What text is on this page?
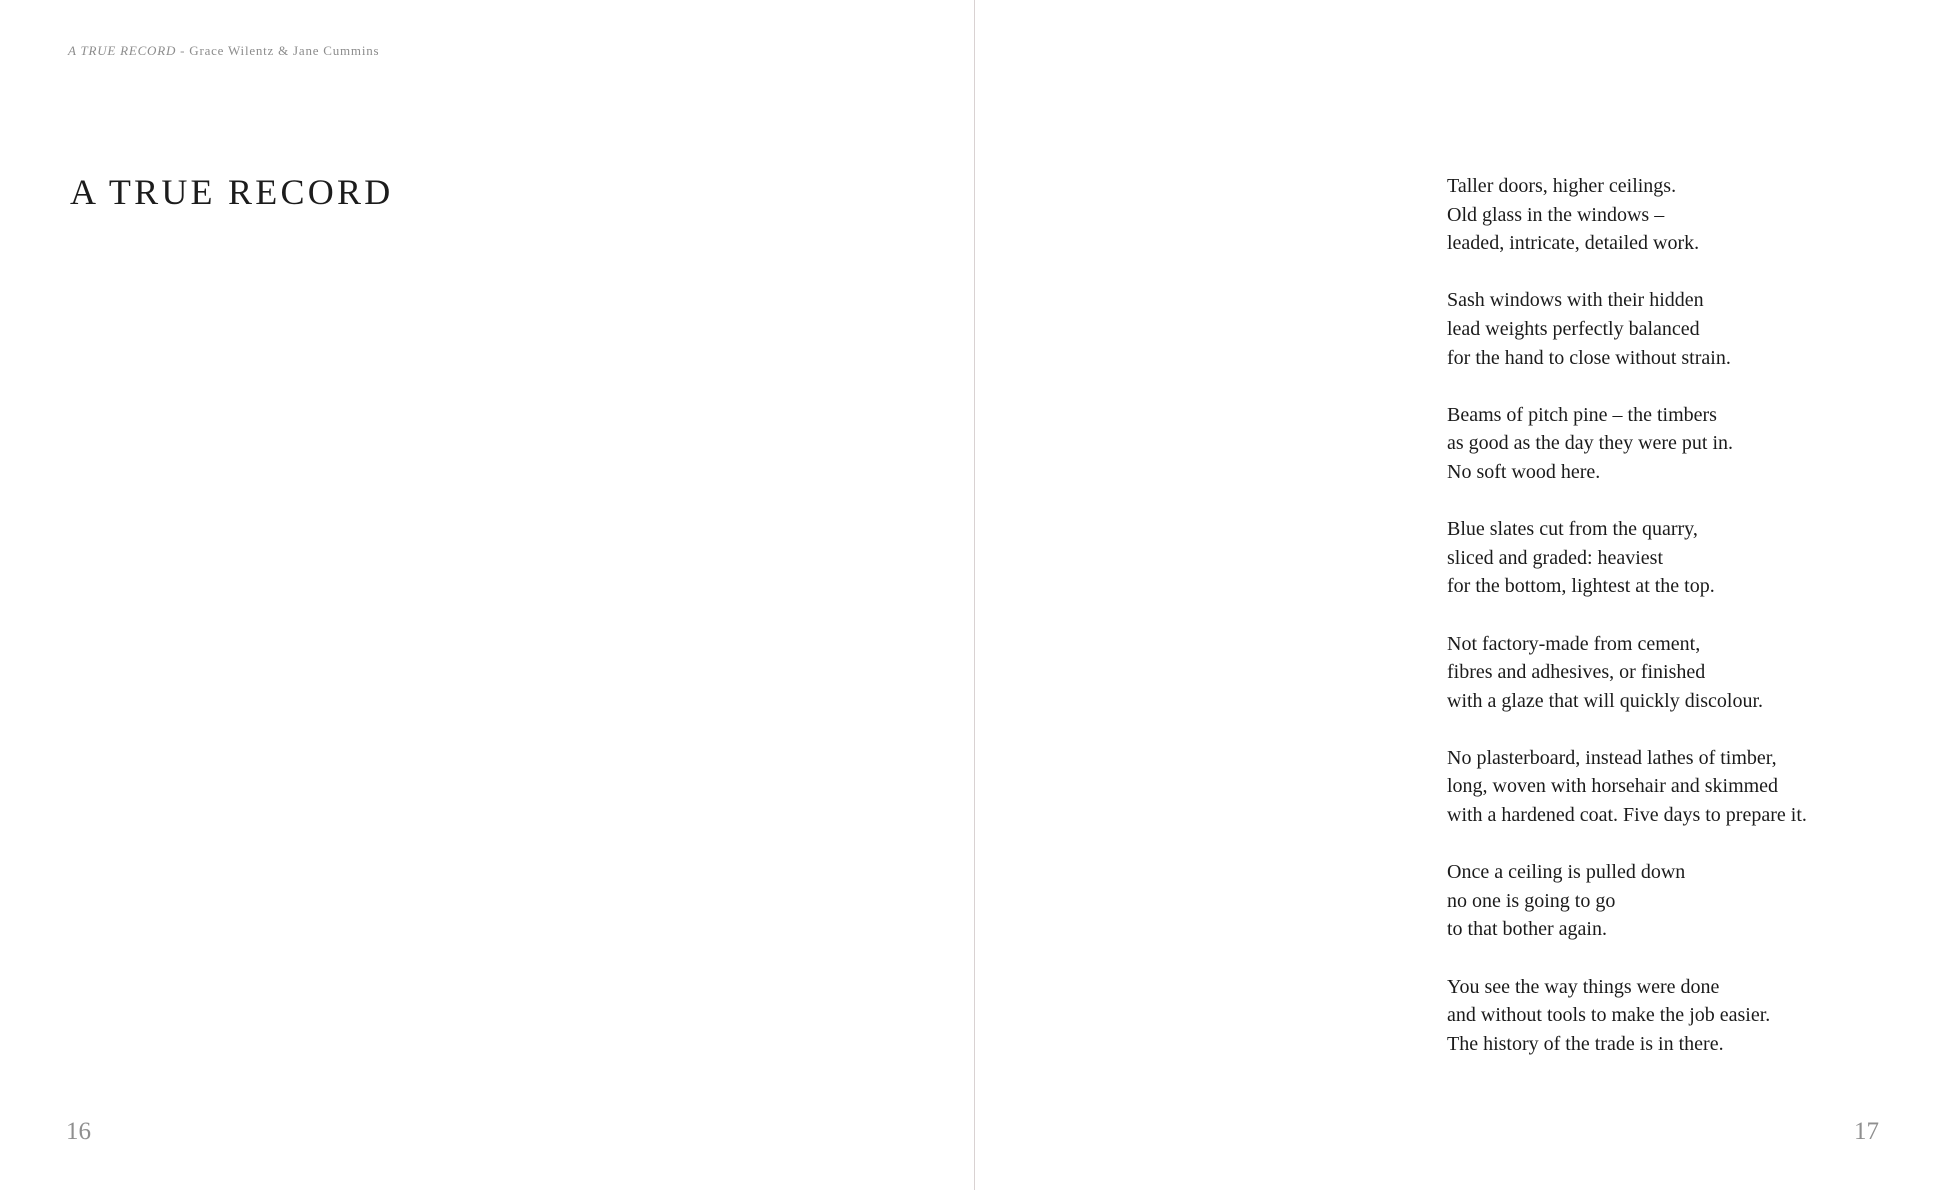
A TRUE RECORD - Grace Wilentz & Jane Cummins
A TRUE RECORD
16

Taller doors, higher ceilings.
Old glass in the windows –
leaded, intricate, detailed work.

Sash windows with their hidden
lead weights perfectly balanced
for the hand to close without strain.

Beams of pitch pine – the timbers
as good as the day they were put in.
No soft wood here.

Blue slates cut from the quarry,
sliced and graded: heaviest
for the bottom, lightest at the top.

Not factory-made from cement,
fibres and adhesives, or finished
with a glaze that will quickly discolour.

No plasterboard, instead lathes of timber,
long, woven with horsehair and skimmed
with a hardened coat. Five days to prepare it.

Once a ceiling is pulled down
no one is going to go
to that bother again.

You see the way things were done
and without tools to make the job easier.
The history of the trade is in there.

17
